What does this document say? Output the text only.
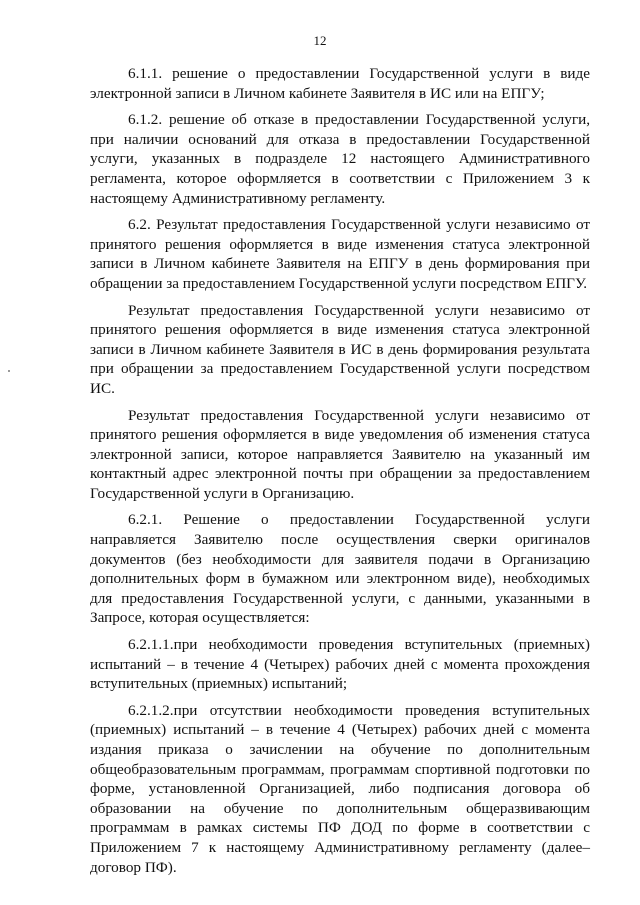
12

6.1.1. решение о предоставлении Государственной услуги в виде электронной записи в Личном кабинете Заявителя в ИС или на ЕПГУ;

6.1.2. решение об отказе в предоставлении Государственной услуги, при наличии оснований для отказа в предоставлении Государственной услуги, указанных в подразделе 12 настоящего Административного регламента, которое оформляется в соответствии с Приложением 3 к настоящему Административному регламенту.

6.2. Результат предоставления Государственной услуги независимо от принятого решения оформляется в виде изменения статуса электронной записи в Личном кабинете Заявителя на ЕПГУ в день формирования при обращении за предоставлением Государственной услуги посредством ЕПГУ.

Результат предоставления Государственной услуги независимо от принятого решения оформляется в виде изменения статуса электронной записи в Личном кабинете Заявителя в ИС в день формирования результата при обращении за предоставлением Государственной услуги посредством ИС.

Результат предоставления Государственной услуги независимо от принятого решения оформляется в виде уведомления об изменения статуса электронной записи, которое направляется Заявителю на указанный им контактный адрес электронной почты при обращении за предоставлением Государственной услуги в Организацию.

6.2.1. Решение о предоставлении Государственной услуги направляется Заявителю после осуществления сверки оригиналов документов (без необходимости для заявителя подачи в Организацию дополнительных форм в бумажном или электронном виде), необходимых для предоставления Государственной услуги, с данными, указанными в Запросе, которая осуществляется:

6.2.1.1.при необходимости проведения вступительных (приемных) испытаний – в течение 4 (Четырех) рабочих дней с момента прохождения вступительных (приемных) испытаний;

6.2.1.2.при отсутствии необходимости проведения вступительных (приемных) испытаний – в течение 4 (Четырех) рабочих дней с момента издания приказа о зачислении на обучение по дополнительным общеобразовательным программам, программам спортивной подготовки по форме, установленной Организацией, либо подписания договора об образовании на обучение по дополнительным общеразвивающим программам в рамках системы ПФ ДОД по форме в соответствии с Приложением 7 к настоящему Административному регламенту (далее– договор ПФ).
